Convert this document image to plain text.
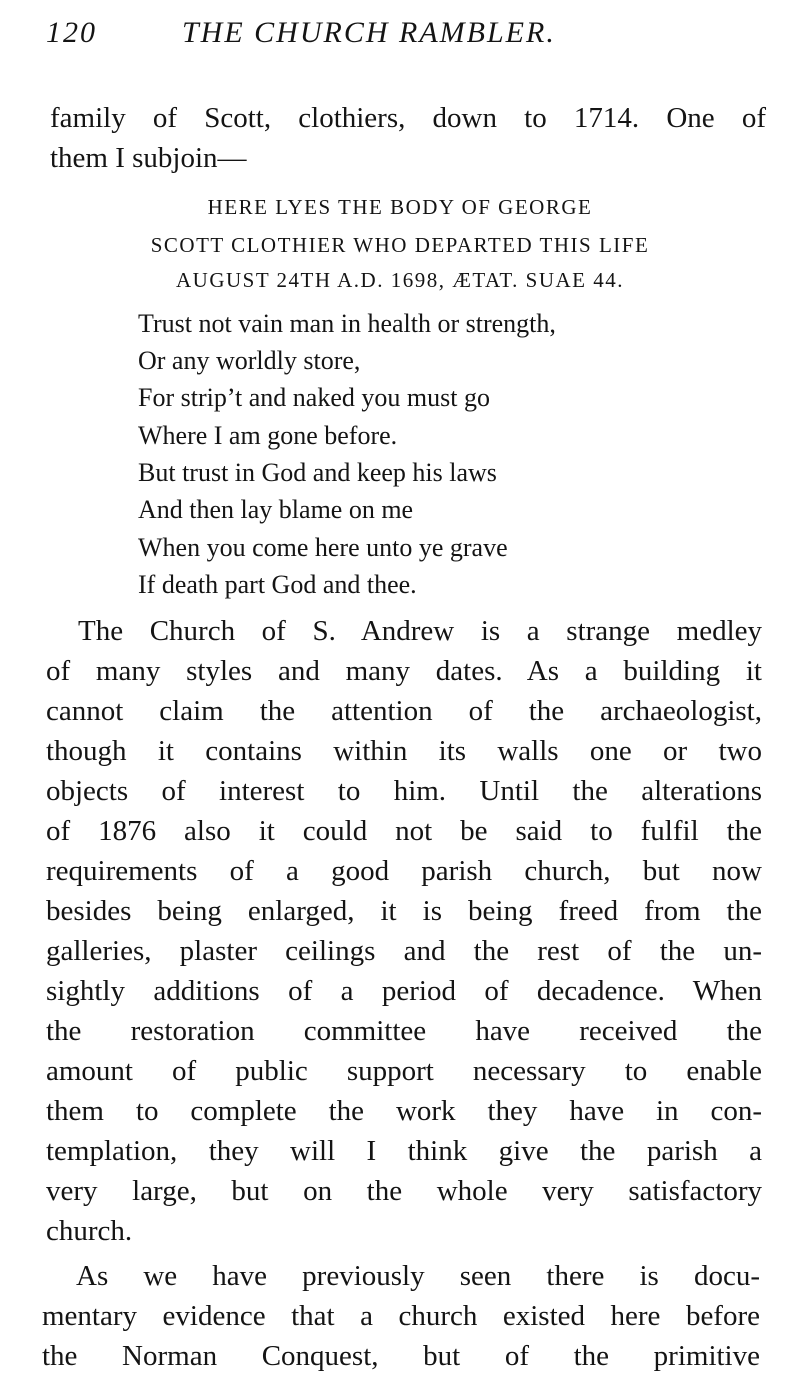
120	THE CHURCH RAMBLER.
family of Scott, clothiers, down to 1714. One of
them I subjoin—
HERE LYES THE BODY OF GEORGE
SCOTT CLOTHIER WHO DEPARTED THIS LIFE
AUGUST 24TH A.D. 1698, ÆTAT. SUAE 44.
Trust not vain man in health or strength,
Or any worldly store,
For strip’t and naked you must go
Where I am gone before.
But trust in God and keep his laws
And then lay blame on me
When you come here unto ye grave
If death part God and thee.
The Church of S. Andrew is a strange medley
of many styles and many dates. As a building it
cannot claim the attention of the archaeologist,
though it contains within its walls one or two
objects of interest to him. Until the alterations
of 1876 also it could not be said to fulfil the
requirements of a good parish church, but now
besides being enlarged, it is being freed from the
galleries, plaster ceilings and the rest of the un-
sightly additions of a period of decadence. When
the restoration committee have received the
amount of public support necessary to enable
them to complete the work they have in con-
templation, they will I think give the parish a
very large, but on the whole very satisfactory
church.
As we have previously seen there is docu-
mentary evidence that a church existed here before
the Norman Conquest, but of the primitive
